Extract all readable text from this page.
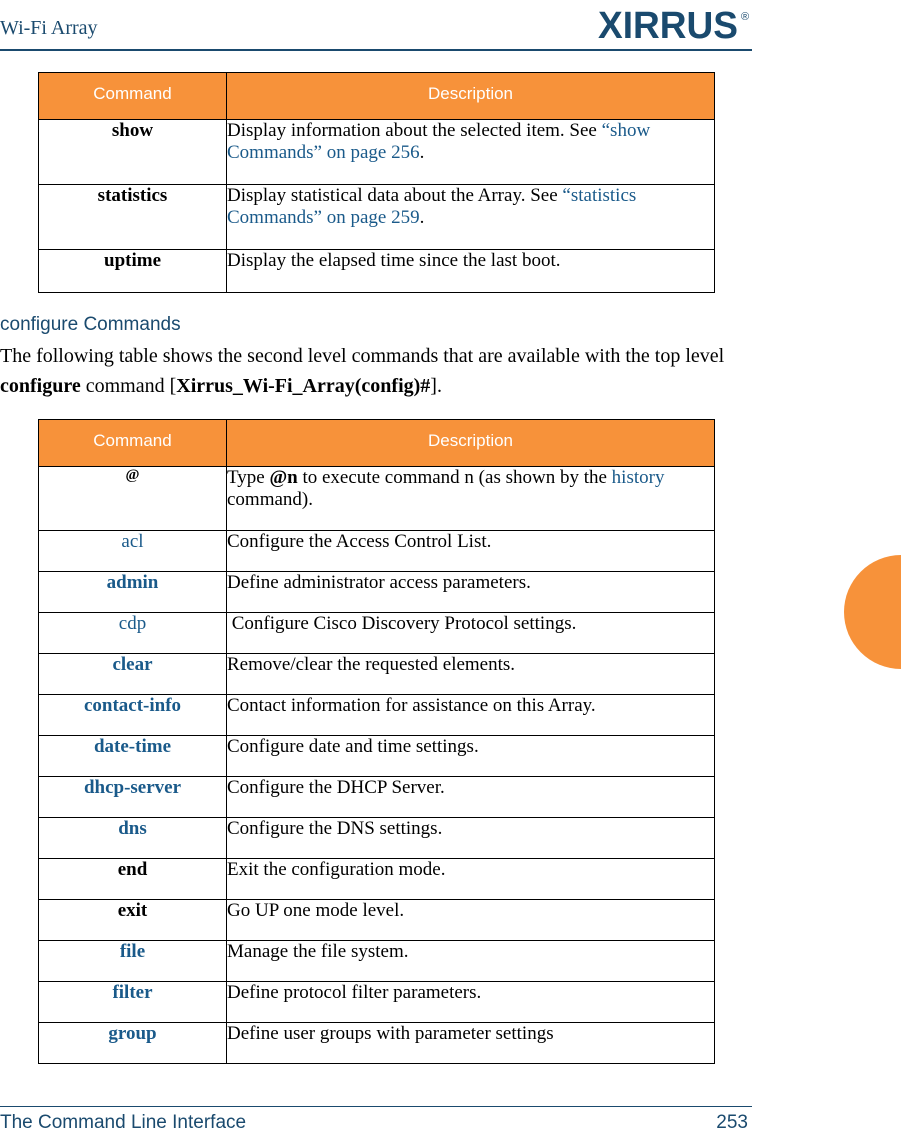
Wi-Fi Array	XIRRUS ®
Command	Description
show	Display information about the selected item. See “show Commands” on page 256.
statistics	Display statistical data about the Array. See “statistics Commands” on page 259.
uptime	Display the elapsed time since the last boot.
configure Commands
The following table shows the second level commands that are available with the top level configure command [Xirrus_Wi-Fi_Array(config)#].
Command	Description
@	Type @n to execute command n (as shown by the history command).
acl	Configure the Access Control List.
admin	Define administrator access parameters.
cdp	Configure Cisco Discovery Protocol settings.
clear	Remove/clear the requested elements.
contact-info	Contact information for assistance on this Array.
date-time	Configure date and time settings.
dhcp-server	Configure the DHCP Server.
dns	Configure the DNS settings.
end	Exit the configuration mode.
exit	Go UP one mode level.
file	Manage the file system.
filter	Define protocol filter parameters.
group	Define user groups with parameter settings
The Command Line Interface	253
